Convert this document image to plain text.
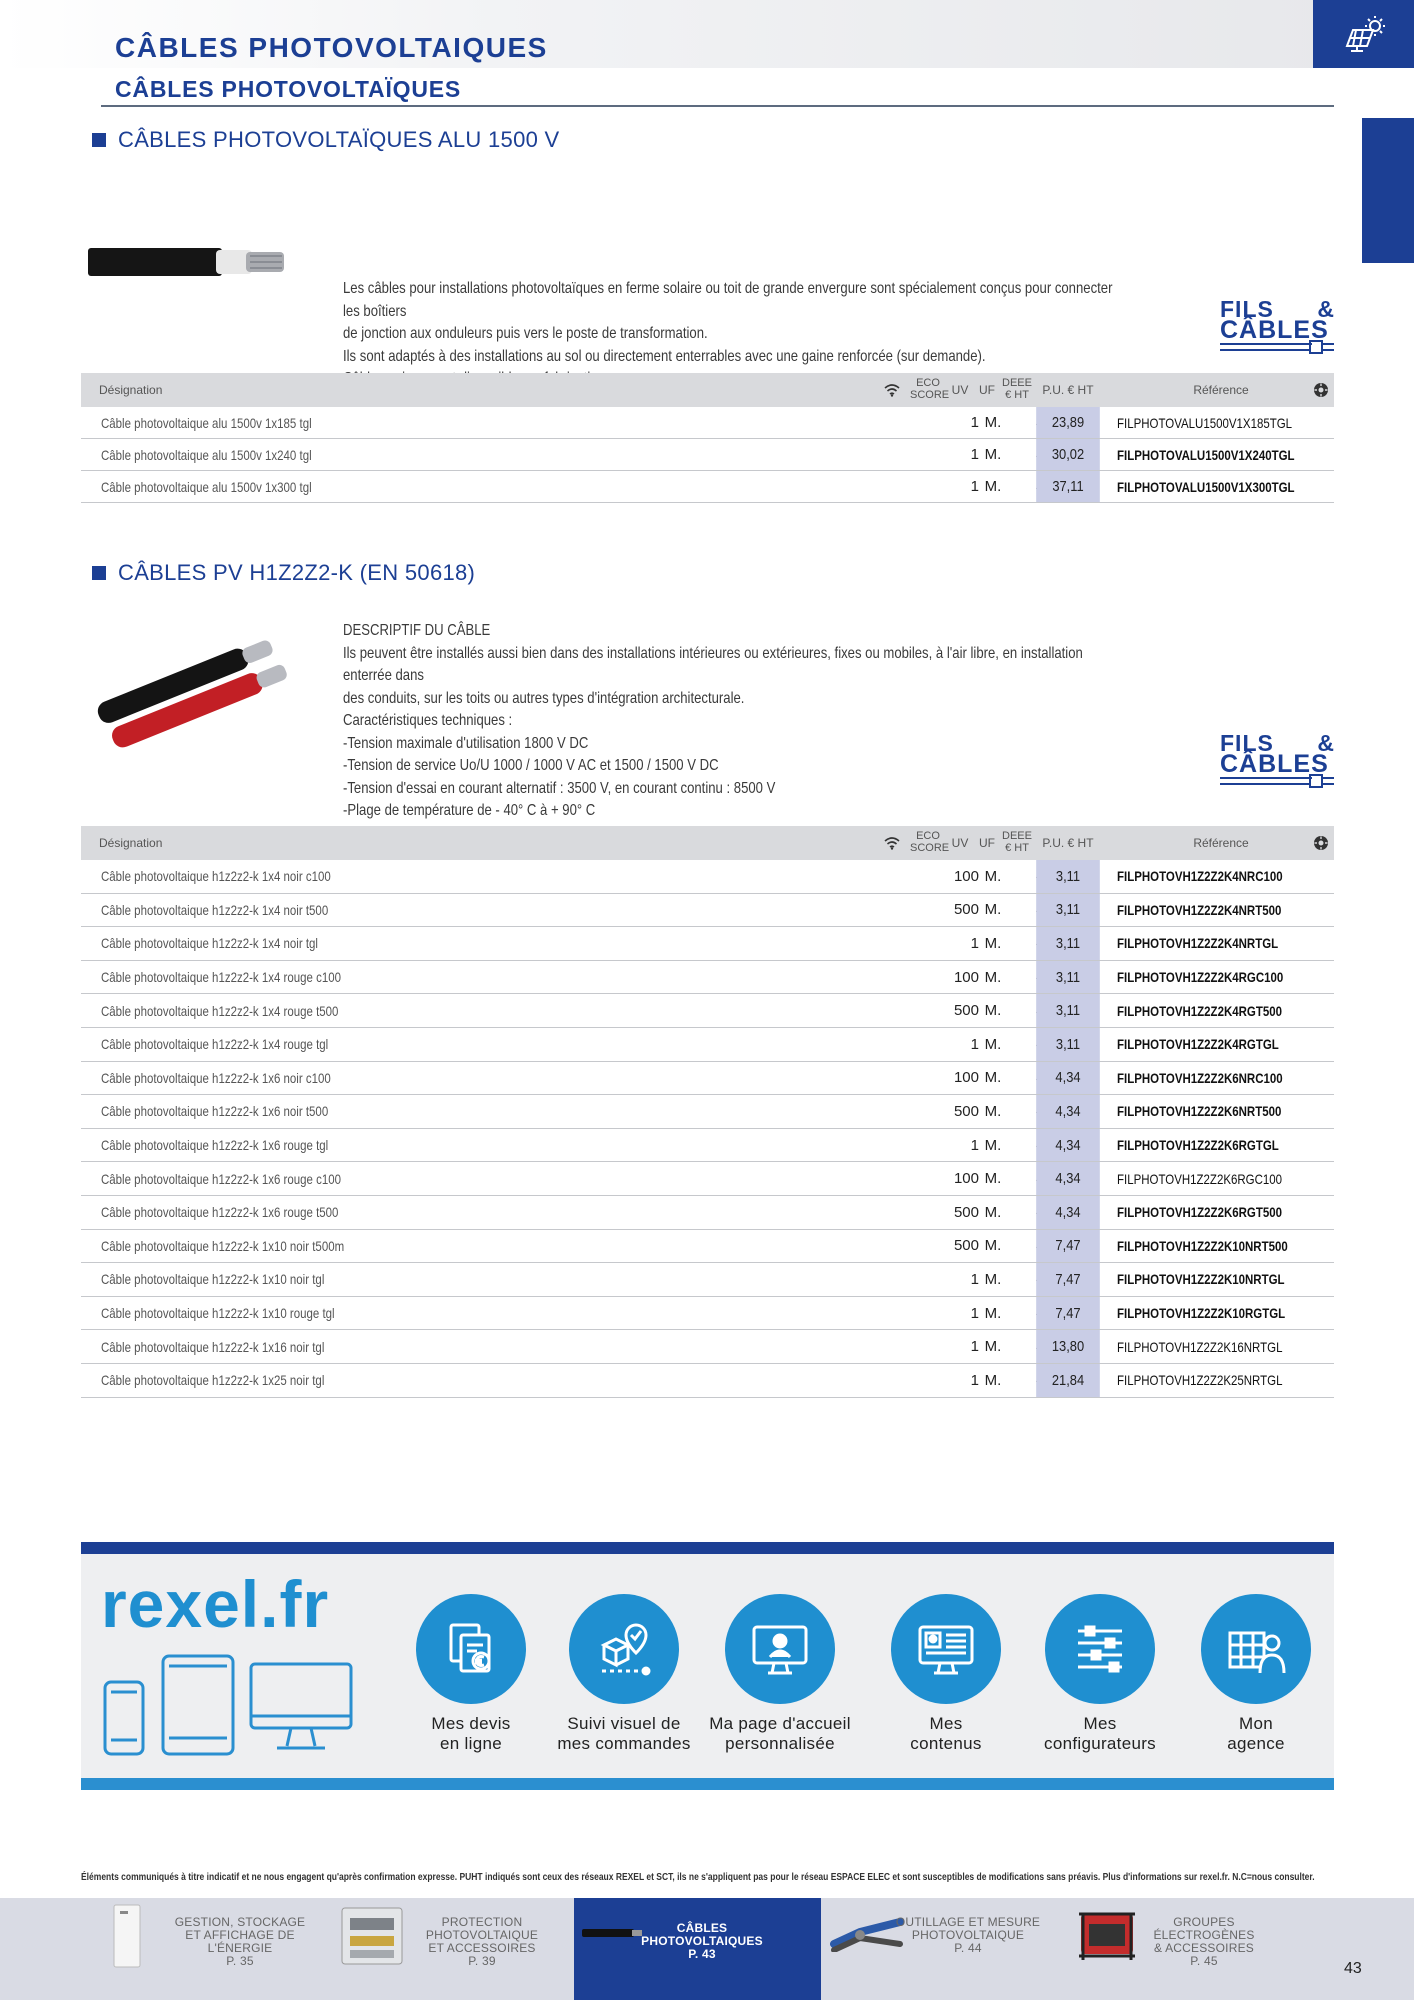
CÂBLES PHOTOVOLTAIQUES
CÂBLES PHOTOVOLTAÏQUES
CÂBLES PHOTOVOLTAÏQUES ALU 1500 V
Les câbles pour installations photovoltaïques en ferme solaire ou toit de grande envergure sont spécialement conçus pour connecter les boîtiers
de jonction aux onduleurs puis vers le poste de transformation.
Ils sont adaptés à des installations au sol ou directement enterrables avec une gaine renforcée (sur demande).
FILS &
CÂBLES
Désignation	ECO
SCORE UV UF DEEE
€ HT	P.U. € HT	Référence
Câble photovoltaique alu 1500v 1x185 tgl	1 M.	23,89	FILPHOTOVALU1500V1X185TGL
Câble photovoltaique alu 1500v 1x240 tgl	1 M.	30,02	FILPHOTOVALU1500V1X240TGL
Câble photovoltaique alu 1500v 1x300 tgl	1 M.	37,11	FILPHOTOVALU1500V1X300TGL
CÂBLES PV H1Z2Z2-K (EN 50618)
DESCRIPTIF DU CÂBLE
Ils peuvent être installés aussi bien dans des installations intérieures ou extérieures, fixes ou mobiles, à l'air libre, en installation enterrée dans
des conduits, sur les toits ou autres types d'intégration architecturale.
Caractéristiques techniques :
-Tension maximale d'utilisation 1800 V DC
-Tension de service Uo/U 1000 / 1000 V AC et 1500 / 1500 V DC
-Tension d'essai en courant alternatif : 3500 V, en courant continu : 8500 V
-Plage de température de - 40° C à + 90° C
FILS &
CÂBLES
Désignation	ECO
SCORE UV UF DEEE
€ HT	P.U. € HT	Référence
Câble photovoltaique h1z2z2-k 1x4 noir c100	100 M.	3,11	FILPHOTOVH1Z2Z2K4NRC100
Câble photovoltaique h1z2z2-k 1x4 noir t500	500 M.	3,11	FILPHOTOVH1Z2Z2K4NRT500
Câble photovoltaique h1z2z2-k 1x4 noir tgl	1 M.	3,11	FILPHOTOVH1Z2Z2K4NRTGL
Câble photovoltaique h1z2z2-k 1x4 rouge c100	100 M.	3,11	FILPHOTOVH1Z2Z2K4RGC100
Câble photovoltaique h1z2z2-k 1x4 rouge t500	500 M.	3,11	FILPHOTOVH1Z2Z2K4RGT500
Câble photovoltaique h1z2z2-k 1x4 rouge tgl	1 M.	3,11	FILPHOTOVH1Z2Z2K4RGTGL
Câble photovoltaique h1z2z2-k 1x6 noir c100	100 M.	4,34	FILPHOTOVH1Z2Z2K6NRC100
Câble photovoltaique h1z2z2-k 1x6 noir t500	500 M.	4,34	FILPHOTOVH1Z2Z2K6NRT500
Câble photovoltaique h1z2z2-k 1x6 rouge tgl	1 M.	4,34	FILPHOTOVH1Z2Z2K6RGTGL
Câble photovoltaique h1z2z2-k 1x6 rouge c100	100 M.	4,34	FILPHOTOVH1Z2Z2K6RGC100
Câble photovoltaique h1z2z2-k 1x6 rouge t500	500 M.	4,34	FILPHOTOVH1Z2Z2K6RGT500
Câble photovoltaique h1z2z2-k 1x10 noir t500m	500 M.	7,47	FILPHOTOVH1Z2Z2K10NRT500
Câble photovoltaique h1z2z2-k 1x10 noir tgl	1 M.	7,47	FILPHOTOVH1Z2Z2K10NRTGL
Câble photovoltaique h1z2z2-k 1x10 rouge tgl	1 M.	7,47	FILPHOTOVH1Z2Z2K10RGTGL
Câble photovoltaique h1z2z2-k 1x16 noir tgl	1 M.	13,80	FILPHOTOVH1Z2Z2K16NRTGL
Câble photovoltaique h1z2z2-k 1x25 noir tgl	1 M.	21,84	FILPHOTOVH1Z2Z2K25NRTGL
rexel.fr
Mes devis
en ligne
Suivi visuel de
mes commandes
Ma page d'accueil
personnalisée
Mes
contenus
Mes
configurateurs
Mon
agence
Éléments communiqués à titre indicatif et ne nous engagent qu'après confirmation expresse. PUHT indiqués sont ceux des réseaux REXEL et SCT, ils ne s'appliquent pas pour le réseau ESPACE ELEC et sont susceptibles de modifications sans préavis. Plus d'informations sur rexel.fr. N.C=nous consulter.
GESTION, STOCKAGE
ET AFFICHAGE DE L'ÉNERGIE
P. 35
PROTECTION PHOTOVOLTAIQUE
ET ACCESSOIRES
P. 39
CÂBLES PHOTOVOLTAIQUES
P. 43
OUTILLAGE ET MESURE
PHOTOVOLTAIQUE
P. 44
GROUPES ÉLECTROGÈNES
& ACCESSOIRES
P. 45	43
